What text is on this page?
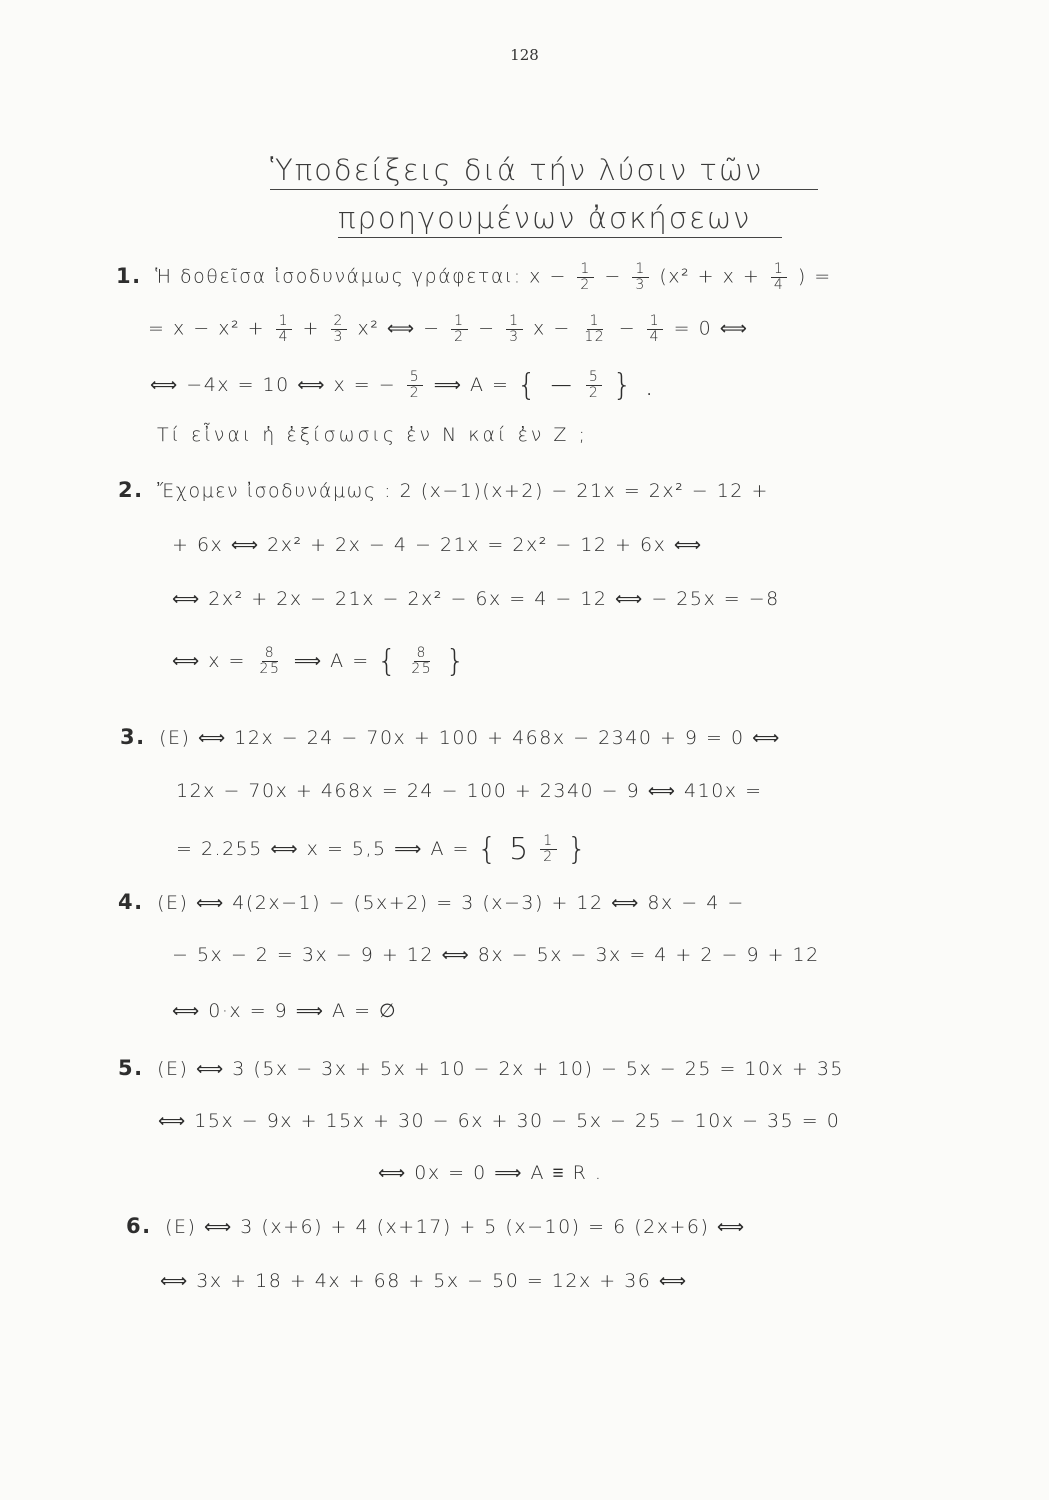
128
Ὑποδείξεις διά τήν λύσιν τῶν
προηγουμένων ἀσκήσεων
1. Ἡ δοθεῖσα ἰσοδυνάμως γράφεται: $x - \frac{1}{2} - \frac{1}{3} (x^2 + x + \frac{1}{4}$ ) =
= $x - x^2 + \frac{1}{4} + \frac{2}{3} x^2$ ⟺ − $\frac{1}{2} - \frac{1}{3}$ $x - \frac{1}{12} - \frac{1}{4} = 0$ ⟺
⟺ −4x = 10 ⟺ x = − $\frac{5}{2}$ ⟹ A = { − $\frac{5}{2}$ } .
Τί εἶναι ἡ ἐξίσωσις ἐν N καί ἐν Z ;
2. Ἔχομεν ἰσοδυνάμως : 2 (x−1)(x+2) − 21x = 2x² − 12 +
+ 6x ⟺ 2x² + 2x − 4 − 21x = 2x² − 12 + 6x ⟺
⟺ 2x² + 2x − 21x − 2x² − 6x = 4 − 12 ⟺ − 25x = −8
⟺ $x = \frac{8}{25}$ ⟹ A = { $\frac{8}{25}$ }
3. (E) ⟺ 12x − 24 − 70x + 100 + 468x − 2340 + 9 = 0 ⟺
12x − 70x + 468x = 24 − 100 + 2340 − 9 ⟺ 410x =
= 2.255 ⟺ x = 5,5 ⟹ A = { $5 \frac{1}{2}$ }
4. (E) ⟺ 4(2x−1) − (5x+2) = 3 (x−3) + 12 ⟺ 8x − 4 −
− 5x − 2 = 3x − 9 + 12 ⟺ 8x − 5x − 3x = 4 + 2 − 9 + 12
⟺ 0·x = 9 ⟹ A = ∅
5. (E) ⟺ 3 (5x − 3x + 5x + 10 − 2x + 10) − 5x − 25 = 10x + 35
⟺ 15x − 9x + 15x + 30 − 6x + 30 − 5x − 25 − 10x − 35 = 0
⟺ 0x = 0 ⟹ A ≡ R .
6. (E) ⟺ 3 (x+6) + 4 (x+17) + 5 (x−10) = 6 (2x+6) ⟺
⟺ 3x + 18 + 4x + 68 + 5x − 50 = 12x + 36 ⟺
